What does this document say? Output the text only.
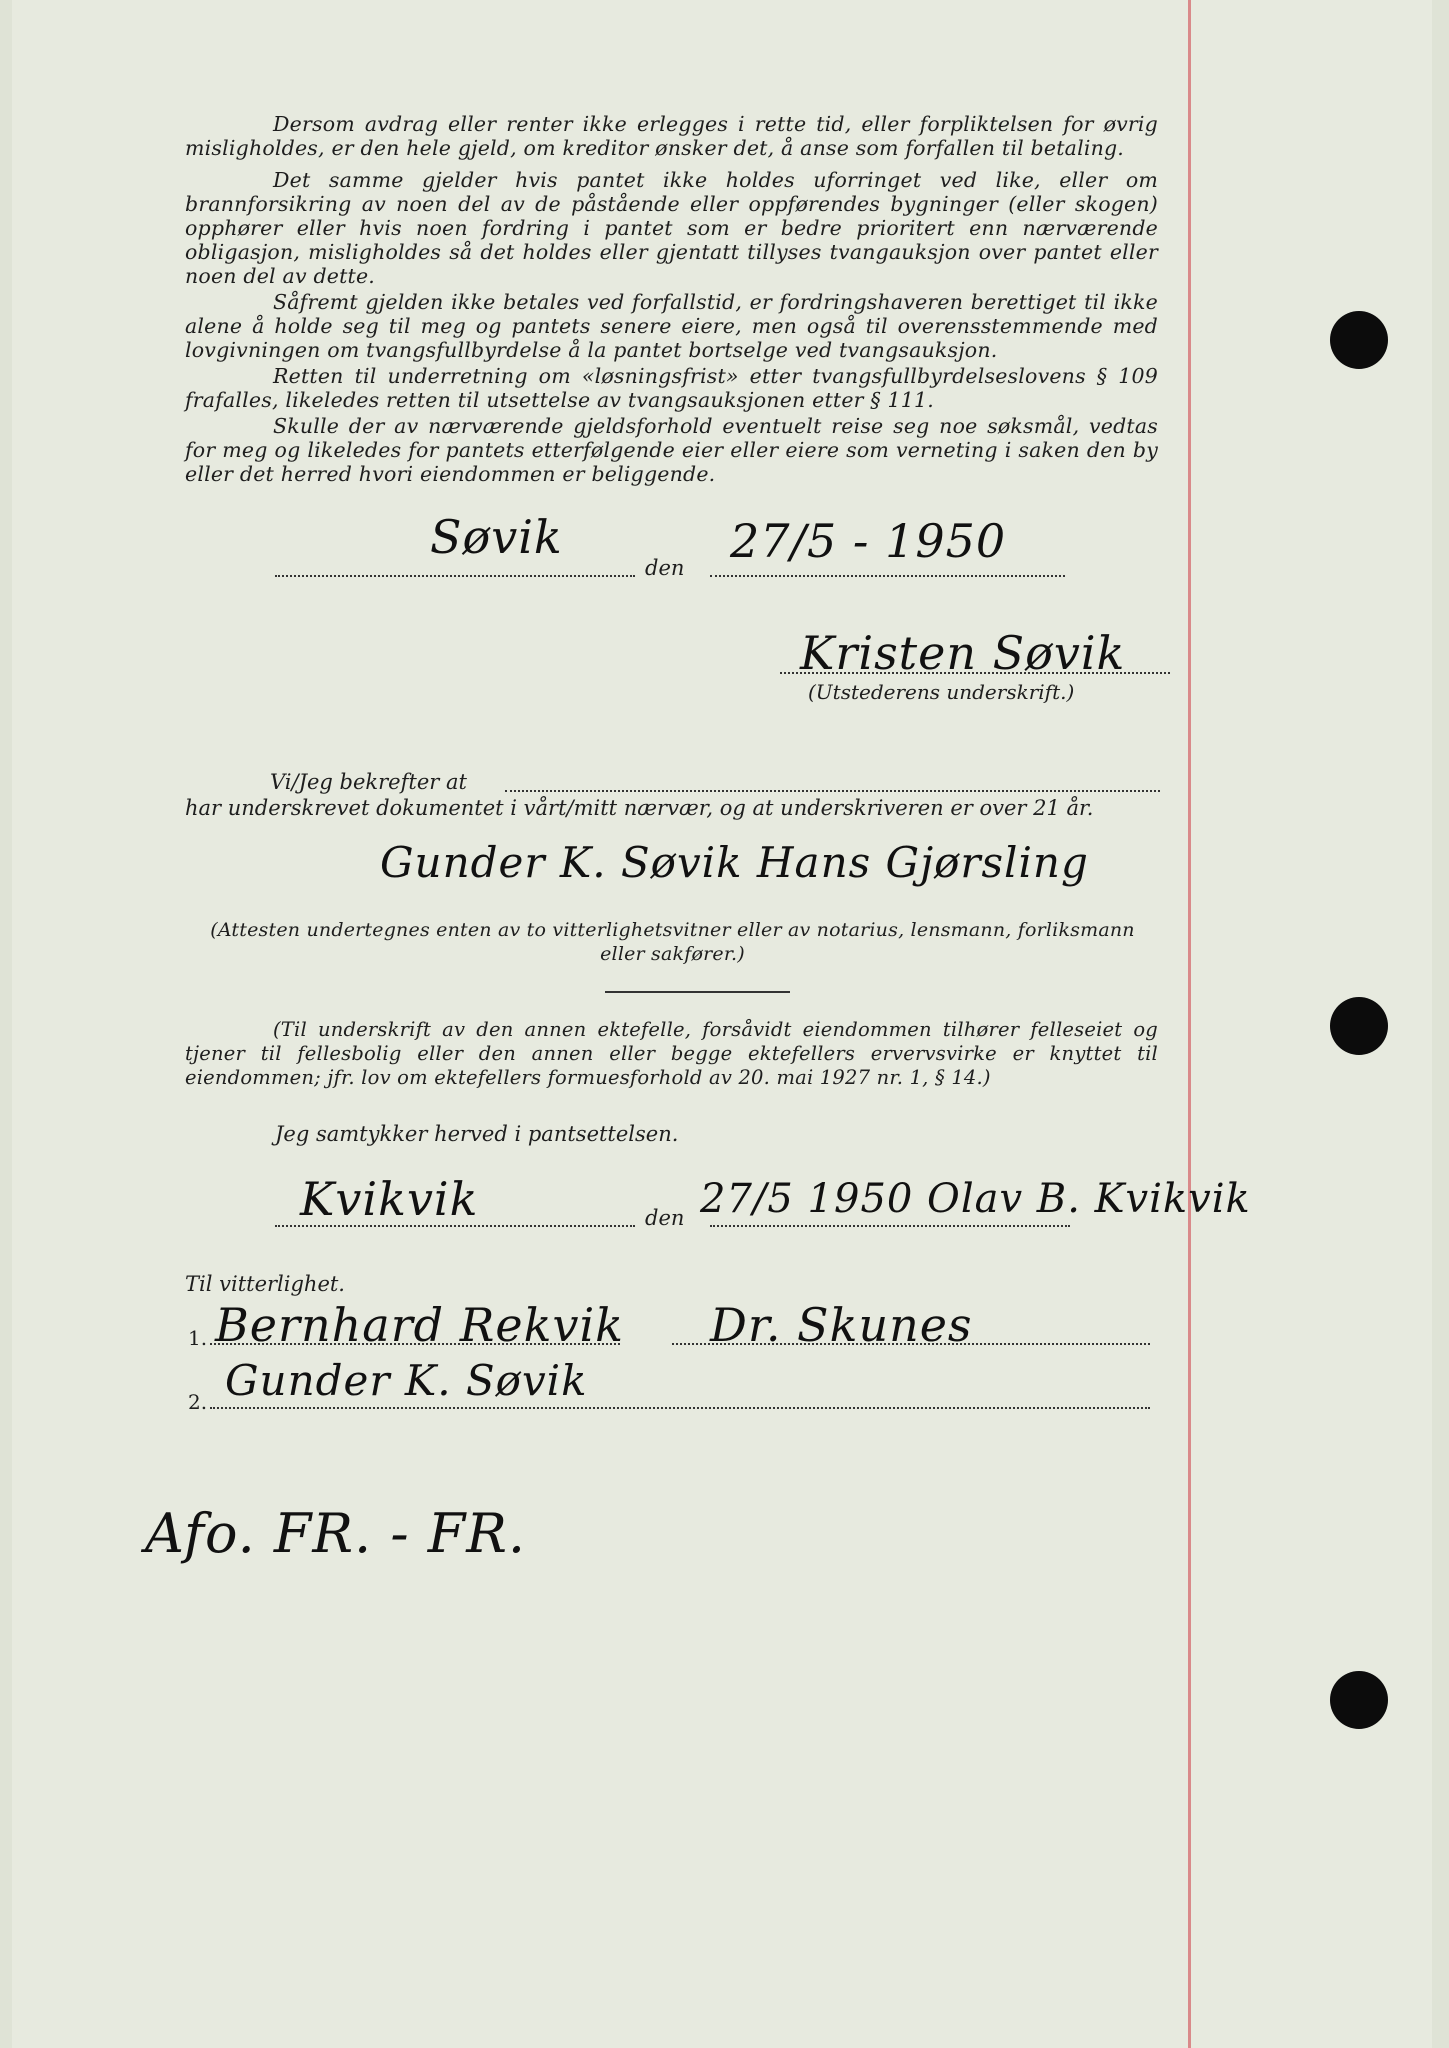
Dersom avdrag eller renter ikke erlegges i rette tid, eller forpliktelsen for øvrig misligholdes, er den hele gjeld, om kreditor ønsker det, å anse som forfallen til betaling.

Det samme gjelder hvis pantet ikke holdes uforringet ved like, eller om brannforsikring av noen del av de påstående eller oppførendes bygninger (eller skogen) opphører eller hvis noen fordring i pantet som er bedre prioritert enn nærværende obligasjon, misligholdes så det holdes eller gjentatt tillyses tvangauksjon over pantet eller noen del av dette.

Såfremt gjelden ikke betales ved forfallstid, er fordringshaveren berettiget til ikke alene å holde seg til meg og pantets senere eiere, men også til overensstemmende med lovgivningen om tvangsfullbyrdelse å la pantet bortselge ved tvangsauksjon.

Retten til underretning om «løsningsfrist» etter tvangsfullbyrdelseslovens § 109 frafalles, likeledes retten til utsettelse av tvangsauksjonen etter § 111.

Skulle der av nærværende gjeldsforhold eventuelt reise seg noe søksmål, vedtas for meg og likeledes for pantets etterfølgende eier eller eiere som verneting i saken den by eller det herred hvori eiendommen er beliggende.

Søvik
den 27/5 - 1950
Kristen Søvik
(Utstederens underskrift.)
Vi/Jeg bekrefter at
har underskrevet dokumentet i vårt/mitt nærvær, og at underskriveren er over 21 år.
Gunder K. Søvik Hans Gjørsling

(Attesten undertegnes enten av to vitterlighetsvitner eller av notarius, lensmann, forliksmann eller sakfører.)

(Til underskrift av den annen ektefelle, forsåvidt eiendommen tilhører felleseiet og tjener til fellesbolig eller den annen eller begge ektefellers ervervsvirke er knyttet til eiendommen; jfr. lov om ektefellers formuesforhold av 20. mai 1927 nr. 1, § 14.)

Jeg samtykker herved i pantsettelsen.
Kvikvik	den 27/5 1950 Olav B. Kvikvik
Til vitterlighet.
1. Bernhard Rekvik Dr. Skunes
2. Gunder K. Søvik
Afo. FR. - FR.
